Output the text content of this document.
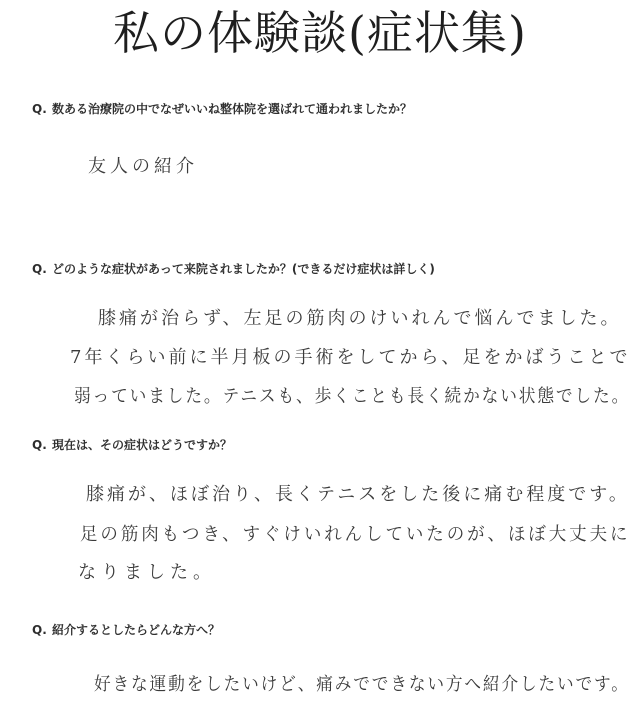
私の体験談(症状集)
Q. 数ある治療院の中でなぜいいね整体院を選ばれて通われましたか？
友人の紹介
Q. どのような症状があって来院されましたか？(できるだけ症状は詳しく)
膝痛が治らず、左足の筋肉のけいれんで悩んでました。
7年くらい前に半月板の手術をしてから、足をかばうことで
弱っていました。テニスも、歩くことも長く続かない状態でした。
Q. 現在は、その症状はどうですか？
膝痛が、ほぼ治り、長くテニスをした後に痛む程度です。
足の筋肉もつき、すぐけいれんしていたのが、ほぼ大丈夫に
なりました。
Q. 紹介するとしたらどんな方へ？
好きな運動をしたいけど、痛みでできない方へ紹介したいです。
